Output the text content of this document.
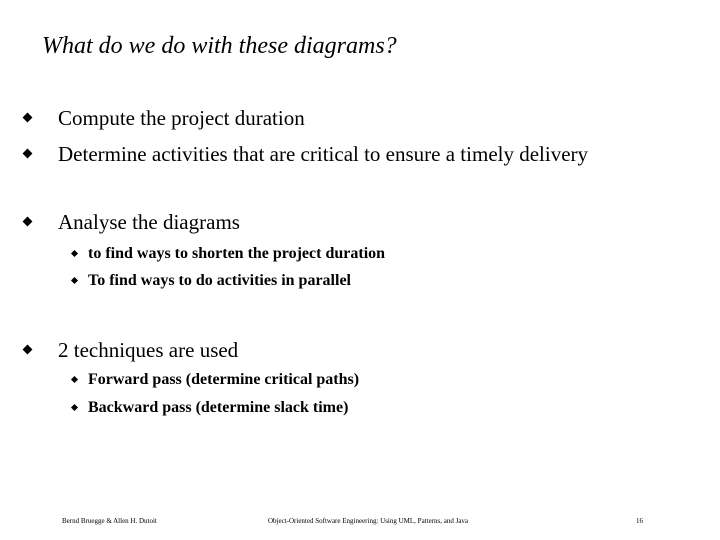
What do we do with these diagrams?
Compute the project duration
Determine activities that are critical to ensure a timely delivery
Analyse the diagrams
to find ways to shorten the project duration
To find ways to do activities in parallel
2 techniques are used
Forward pass (determine critical paths)
Backward pass (determine slack time)
Bernd Bruegge & Allen H. Dutoit	Object-Oriented Software Engineering: Using UML, Patterns, and Java	16
